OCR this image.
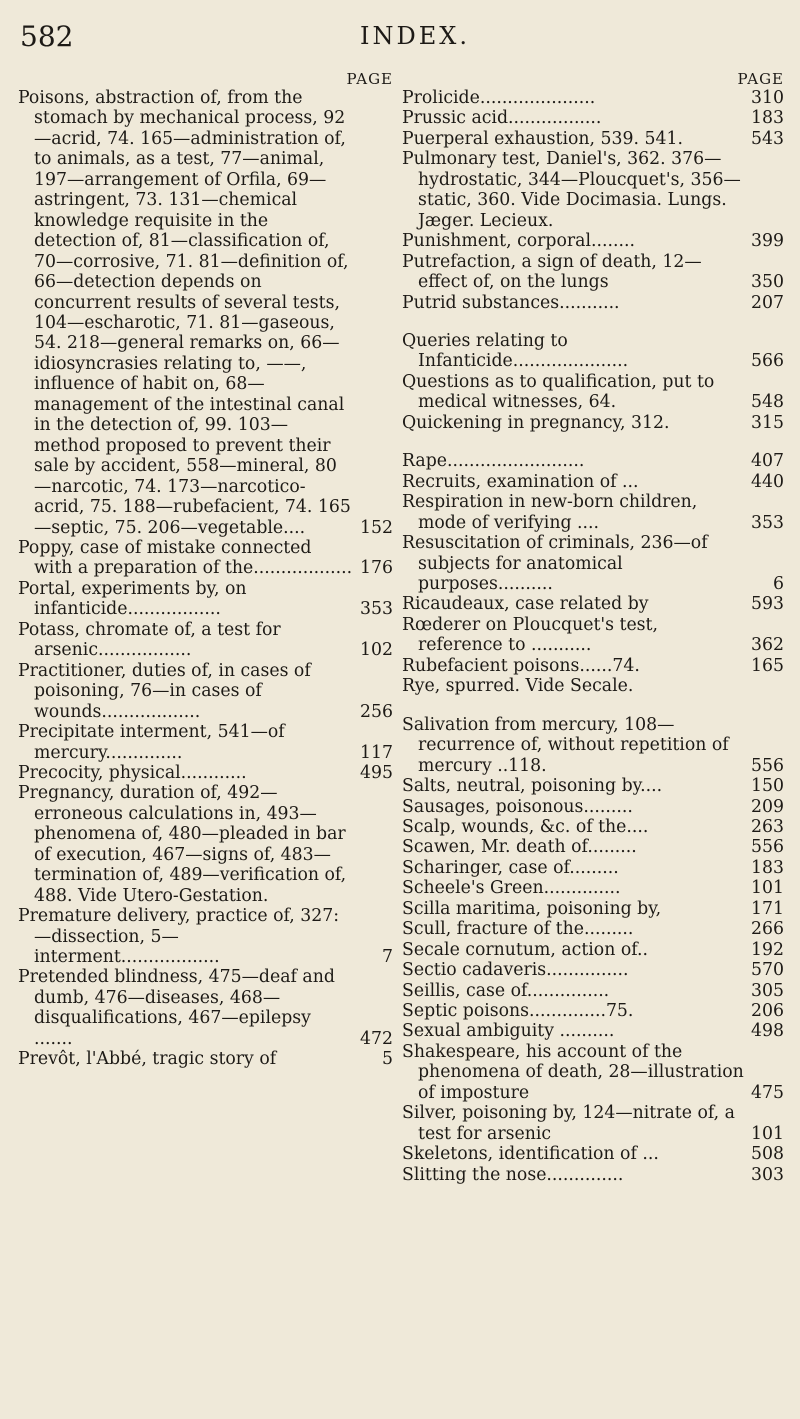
582	INDEX.
PAGE
Poisons, abstraction of, from the stomach by mechanical process, 92—acrid, 74. 165—administration of, to animals, as a test, 77—animal, 197—arrangement of Orfila, 69—astringent, 73. 131—chemical knowledge requisite in the detection of, 81—classification of, 70—corrosive, 71. 81—definition of, 66—detection depends on concurrent results of several tests, 104—escharotic, 71. 81—gaseous, 54. 218—general remarks on, 66—idiosyncrasies relating to, ——, influence of habit on, 68—management of the intestinal canal in the detection of, 99. 103—method proposed to prevent their sale by accident, 558—mineral, 80—narcotic, 74. 173—narcotico-acrid, 75. 188—rubefacient, 74. 165—septic, 75. 206—vegetable....	152
Poppy, case of mistake connected with a preparation of the.................. 176
Portal, experiments by, on infanticide.................	353
Potass, chromate of, a test for arsenic.................	102
Practitioner, duties of, in cases of poisoning, 76—in cases of wounds..................	256
Precipitate interment, 541—of mercury..............	117
Precocity, physical............	495
Pregnancy, duration of, 492—erroneous calculations in, 493—phenomena of, 480—pleaded in bar of execution, 467—signs of, 483—termination of, 489—verification of, 488. Vide Utero-Gestation.
Premature delivery, practice of, 327:—dissection, 5—interment..................	7
Pretended blindness, 475—deaf and dumb, 476—diseases, 468—disqualifications, 467—epilepsy .......	472
Prevôt, l'Abbé, tragic story of	5
PAGE
Prolicide.....................	310
Prussic acid.................	183
Puerperal exhaustion, 539. 541.	543
Pulmonary test, Daniel's, 362. 376—hydrostatic, 344—Ploucquet's, 356—static, 360. Vide Docimasia. Lungs. Jæger. Lecieux.
Punishment, corporal........	399
Putrefaction, a sign of death, 12—effect of, on the lungs	350
Putrid substances...........	207
Queries relating to Infanticide.....................	566
Questions as to qualification, put to medical witnesses, 64.	548
Quickening in pregnancy, 312.	315
Rape.........................	407
Recruits, examination of ...	440
Respiration in new-born children, mode of verifying ....	353
Resuscitation of criminals, 236—of subjects for anatomical purposes..........	6
Ricaudeaux, case related by	593
Rœderer on Ploucquet's test, reference to ...........	362
Rubefacient poisons......74.	165
Rye, spurred. Vide Secale.
Salivation from mercury, 108—recurrence of, without repetition of mercury ..118.	556
Salts, neutral, poisoning by....	150
Sausages, poisonous.........	209
Scalp, wounds, &c. of the....	263
Scawen, Mr. death of.........	556
Scharinger, case of.........	183
Scheele's Green..............	101
Scilla maritima, poisoning by,	171
Scull, fracture of the.........	266
Secale cornutum, action of..	192
Sectio cadaveris...............	570
Seillis, case of...............	305
Septic poisons..............75.	206
Sexual ambiguity ..........	498
Shakespeare, his account of the phenomena of death, 28—illustration of imposture	475
Silver, poisoning by, 124—nitrate of, a test for arsenic	101
Skeletons, identification of ...	508
Slitting the nose..............	303
